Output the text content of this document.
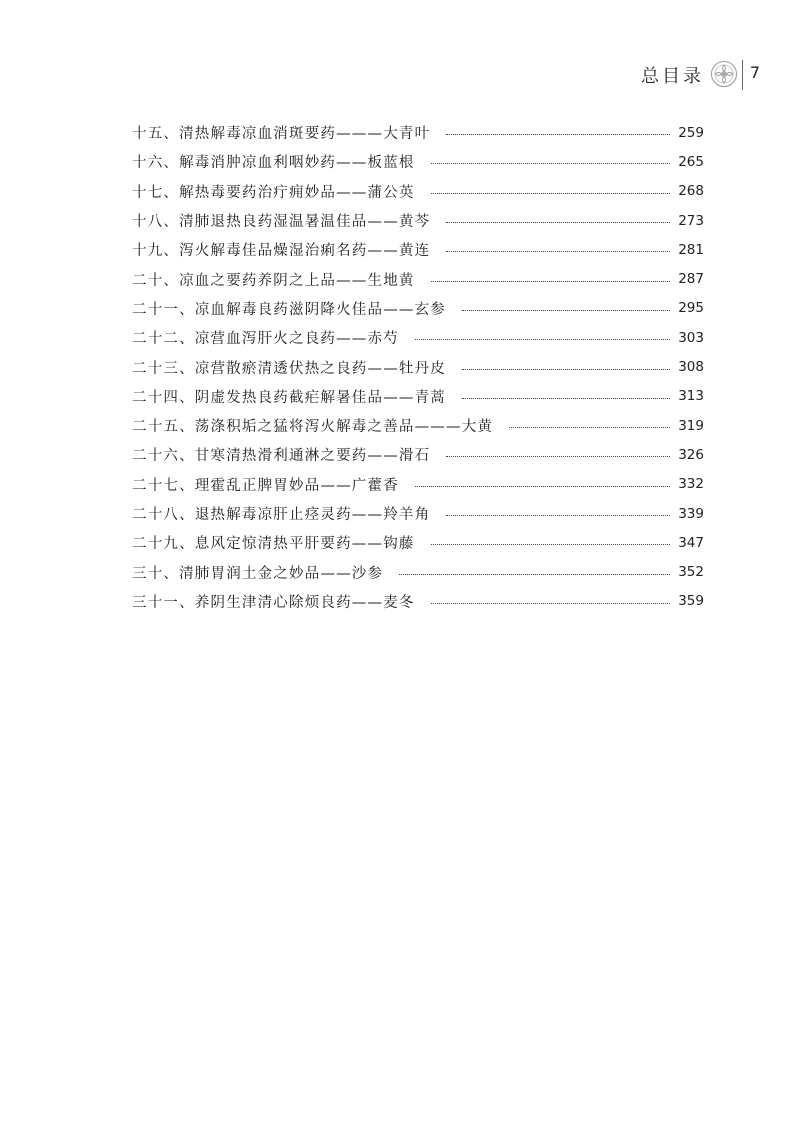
总目录	7
十五、清热解毒凉血消斑要药———大青叶	259
十六、解毒消肿凉血利咽妙药——板蓝根	265
十七、解热毒要药治疔痈妙品——蒲公英	268
十八、清肺退热良药湿温暑温佳品——黄芩	273
十九、泻火解毒佳品燥湿治痢名药——黄连	281
二十、凉血之要药养阴之上品——生地黄	287
二十一、凉血解毒良药滋阴降火佳品——玄参	295
二十二、凉营血泻肝火之良药——赤芍	303
二十三、凉营散瘀清透伏热之良药——牡丹皮	308
二十四、阴虚发热良药截疟解暑佳品——青蒿	313
二十五、荡涤积垢之猛将泻火解毒之善品———大黄	319
二十六、甘寒清热滑利通淋之要药——滑石	326
二十七、理霍乱正脾胃妙品——广藿香	332
二十八、退热解毒凉肝止痉灵药——羚羊角	339
二十九、息风定惊清热平肝要药——钩藤	347
三十、清肺胃润土金之妙品——沙参	352
三十一、养阴生津清心除烦良药——麦冬	359
